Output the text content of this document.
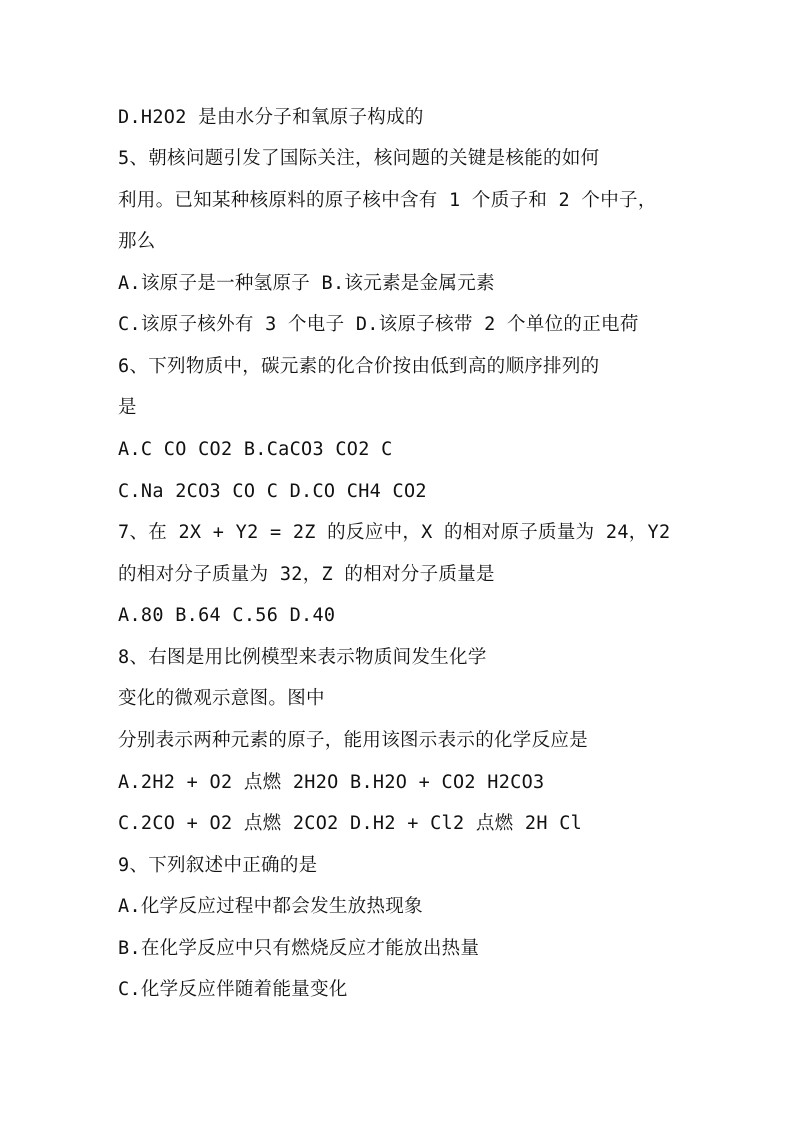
D.H2O2 是由水分子和氧原子构成的
5、朝核问题引发了国际关注，核问题的关键是核能的如何
利用。已知某种核原料的原子核中含有 1 个质子和 2 个中子，
那么
A.该原子是一种氢原子 B.该元素是金属元素
C.该原子核外有 3 个电子 D.该原子核带 2 个单位的正电荷
6、下列物质中，碳元素的化合价按由低到高的顺序排列的
是
A.C CO CO2 B.CaCO3 CO2 C
C.Na 2CO3 CO C D.CO CH4 CO2
7、在 2X + Y2 = 2Z 的反应中，X 的相对原子质量为 24，Y2
的相对分子质量为 32，Z 的相对分子质量是
A.80 B.64 C.56 D.40
8、右图是用比例模型来表示物质间发生化学
变化的微观示意图。图中
分别表示两种元素的原子，能用该图示表示的化学反应是
A.2H2 + O2 点燃 2H2O B.H2O + CO2 H2CO3
C.2CO + O2 点燃 2CO2 D.H2 + Cl2 点燃 2H Cl
9、下列叙述中正确的是
A.化学反应过程中都会发生放热现象
B.在化学反应中只有燃烧反应才能放出热量
C.化学反应伴随着能量变化
